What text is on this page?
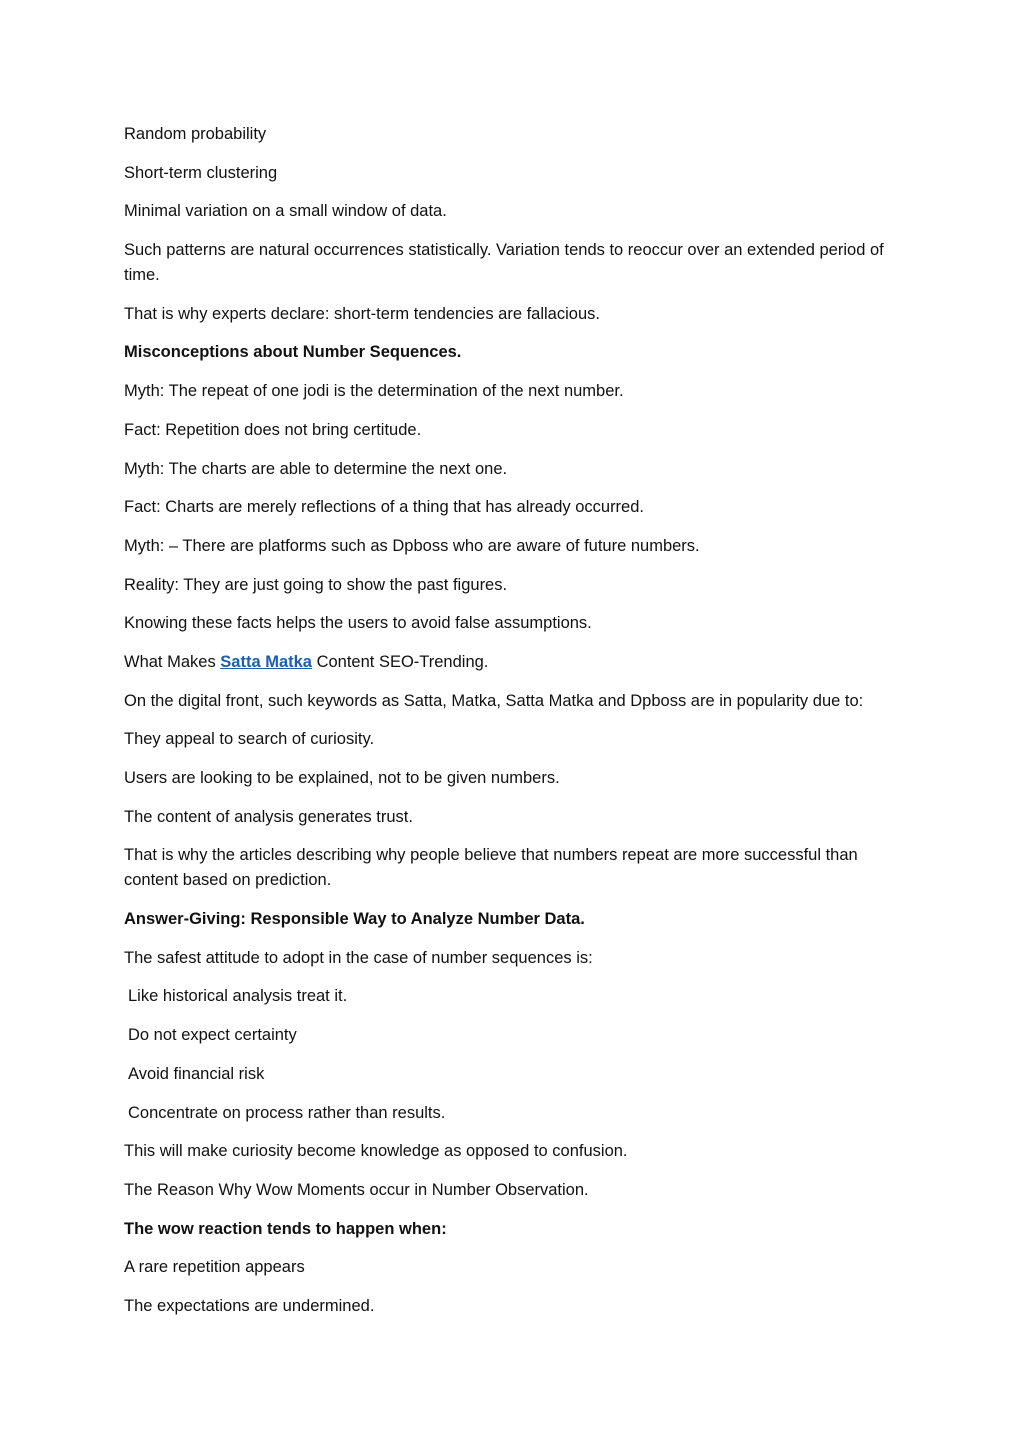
Random probability

Short-term clustering

Minimal variation on a small window of data.

Such patterns are natural occurrences statistically. Variation tends to reoccur over an extended period of time.

That is why experts declare: short-term tendencies are fallacious.

Misconceptions about Number Sequences.

Myth: The repeat of one jodi is the determination of the next number.

Fact: Repetition does not bring certitude.

Myth: The charts are able to determine the next one.

Fact: Charts are merely reflections of a thing that has already occurred.

Myth: – There are platforms such as Dpboss who are aware of future numbers.

Reality: They are just going to show the past figures.

Knowing these facts helps the users to avoid false assumptions.

What Makes Satta Matka Content SEO-Trending.

On the digital front, such keywords as Satta, Matka, Satta Matka and Dpboss are in popularity due to:

They appeal to search of curiosity.

Users are looking to be explained, not to be given numbers.

The content of analysis generates trust.

That is why the articles describing why people believe that numbers repeat are more successful than content based on prediction.

Answer-Giving: Responsible Way to Analyze Number Data.

The safest attitude to adopt in the case of number sequences is:

Like historical analysis treat it.

Do not expect certainty

Avoid financial risk

Concentrate on process rather than results.

This will make curiosity become knowledge as opposed to confusion.

The Reason Why Wow Moments occur in Number Observation.

The wow reaction tends to happen when:

A rare repetition appears

The expectations are undermined.
